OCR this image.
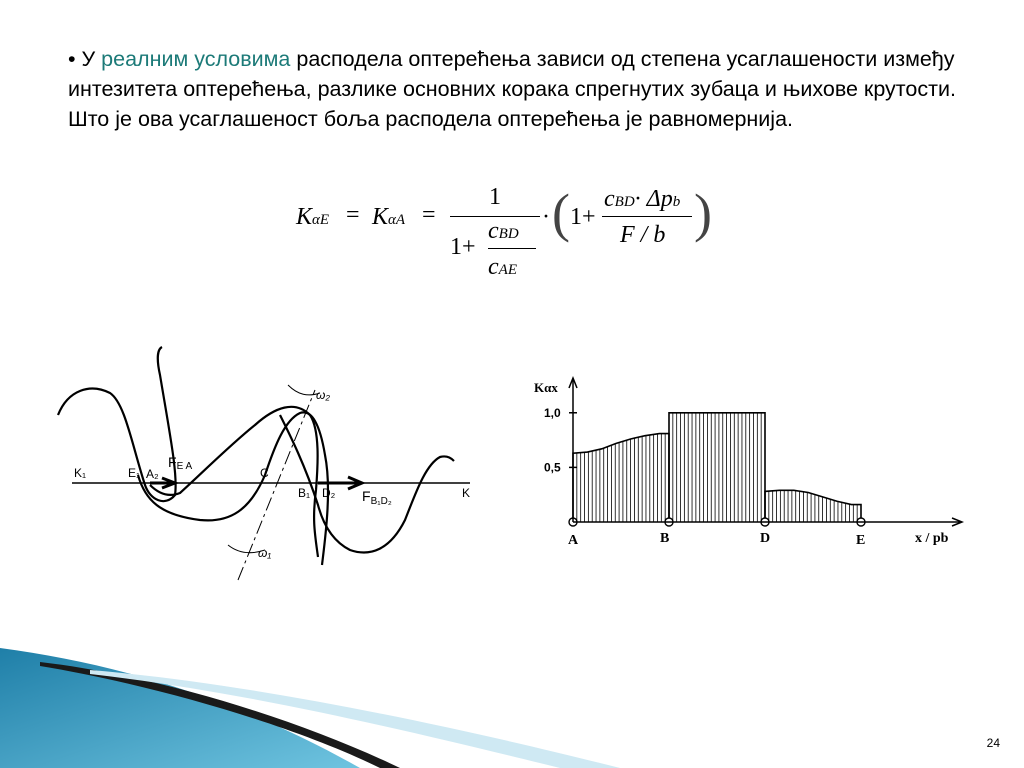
• У реалним условима расподела оптерећења зависи од степена усаглашености између интезитета оптерећења, разлике основних корака спрегнутих зубаца и њихове крутости. Што је ова усаглашеност боља расподела оптерећења је равномернија.
KαE = KαA =
1
1+
cBD
cAE
· ( 1+
cBD· Δpb
F / b )
K₁	E₁ A₂
FE A	C
B₁ D₂ $F_{B_1D_2}$
K
ω₂
ω₁
Kαx
x / pb
1,0
0,5
A	B	D	E
24
